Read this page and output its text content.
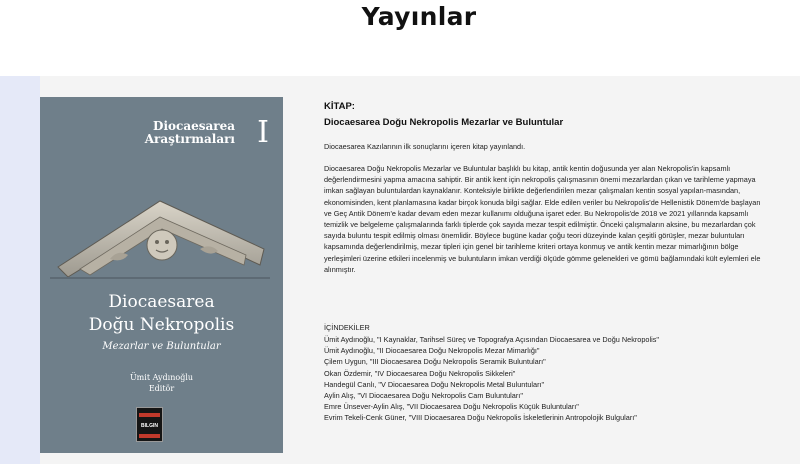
Yayınlar
Diocaesarea
Araştırmaları I
Diocaesarea
Doğu Nekropolis
Mezarlar ve Buluntular
Ümit Aydınoğlu
Editör
BILGIN
KİTAP:
Diocaesarea Doğu Nekropolis Mezarlar ve Buluntular
Diocaesarea Kazılarının ilk sonuçlarını içeren kitap yayınlandı.
Diocaesarea Doğu Nekropolis Mezarlar ve Buluntular başlıklı bu kitap, antik kentin doğusunda yer alan Nekropolis'in kapsamlı değerlendirmesini yapma amacına sahiptir. Bir antik kent için nekropolis çalışmasının önemi mezarlardan çıkan ve tarihleme yapmaya imkan sağlayan buluntulardan kaynaklanır. Konteksiyle birlikte değerlendirilen mezar çalışmaları kentin sosyal yapılan-masından, ekonomisinden, kent planlamasına kadar birçok konuda bilgi sağlar. Elde edilen veriler bu Nekropolis'de Hellenistik Dönem'de başlayan ve Geç Antik Dönem'e kadar devam eden mezar kullanımı olduğuna işaret eder. Bu Nekropolis'de 2018 ve 2021 yıllarında kapsamlı temizlik ve belgeleme çalışmalarında farklı tiplerde çok sayıda mezar tespit edilmiştir. Önceki çalışmaların aksine, bu mezarlardan çok sayıda buluntu tespit edilmiş olması önemlidir. Böylece bugüne kadar çoğu teori düzeyinde kalan çeşitli görüşler, mezar buluntuları kapsamında değerlendirilmiş, mezar tipleri için genel bir tarihleme kriteri ortaya konmuş ve antik kentin mezar mimarlığının bölge yerleşimleri üzerine etkileri incelenmiş ve buluntuların imkan verdiği ölçüde gömme gelenekleri ve gömü bağlamındaki kült eylemleri ele alınmıştır.
İÇİNDEKİLER
Ümit Aydınoğlu, "I Kaynaklar, Tarihsel Süreç ve Topografya Açısından Diocaesarea ve Doğu Nekropolis"
Ümit Aydınoğlu, "II Diocaesarea Doğu Nekropolis Mezar Mimarlığı"
Çilem Uygun, "III Diocaesarea Doğu Nekropolis Seramik Buluntuları"
Okan Özdemir, "IV Diocaesarea Doğu Nekropolis Sikkeleri"
Handegül Canlı, "V Diocaesarea Doğu Nekropolis Metal Buluntuları"
Aylin Alış, "VI Diocaesarea Doğu Nekropolis Cam Buluntuları"
Emre Ünsever-Aylin Alış, "VII Diocaesarea Doğu Nekropolis Küçük Buluntuları"
Evrim Tekeli-Cenk Güner, "VIII Diocaesarea Doğu Nekropolis İskeletlerinin Antropolojik Bulguları"
